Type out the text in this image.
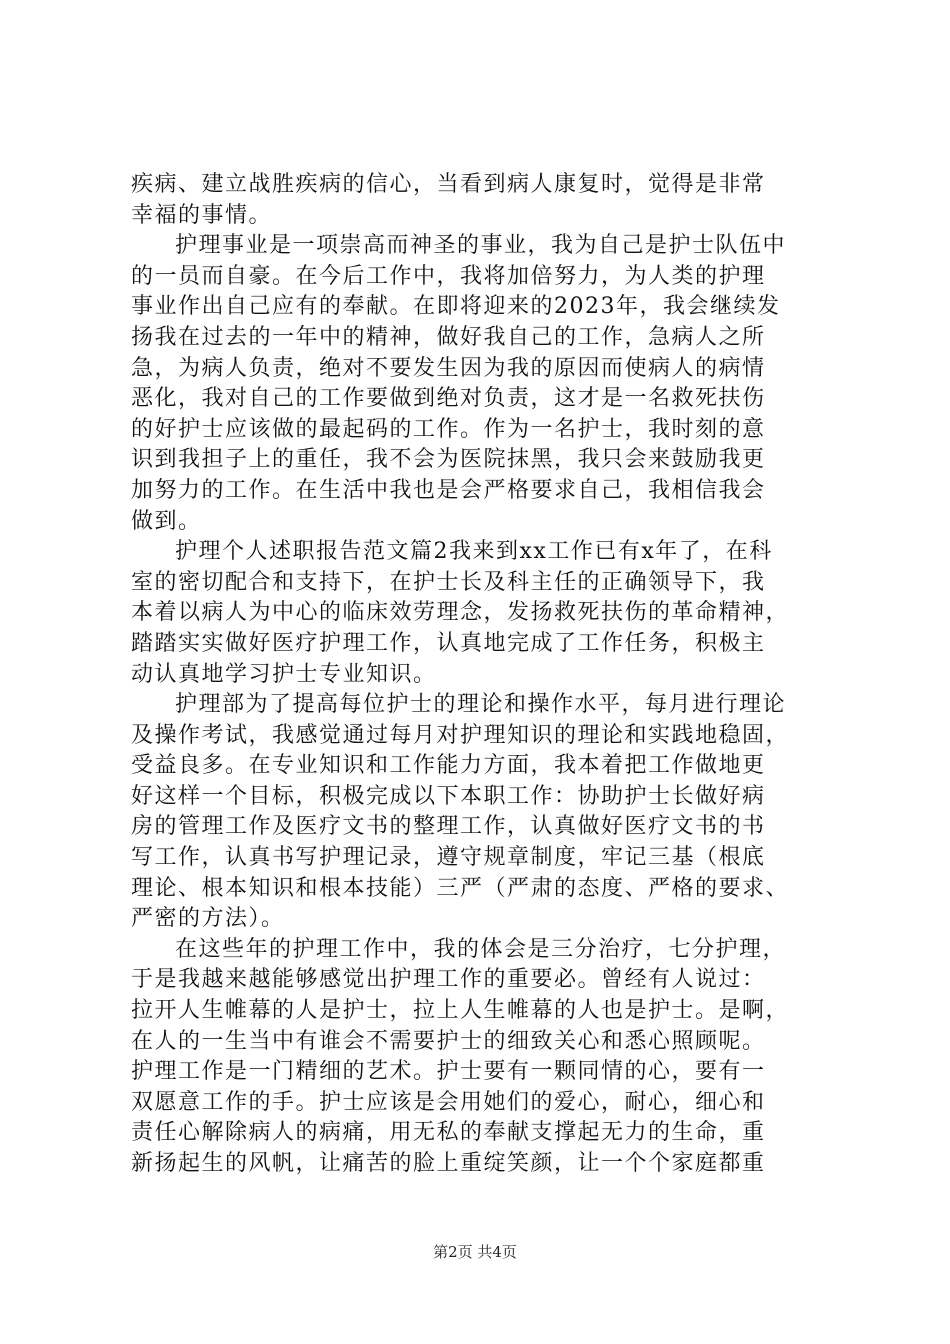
疾病、建立战胜疾病的信心，当看到病人康复时，觉得是非常
幸福的事情。
护理事业是一项崇高而神圣的事业，我为自己是护士队伍中
的一员而自豪。在今后工作中，我将加倍努力，为人类的护理
事业作出自己应有的奉献。在即将迎来的2023年，我会继续发
扬我在过去的一年中的精神，做好我自己的工作，急病人之所
急，为病人负责，绝对不要发生因为我的原因而使病人的病情
恶化，我对自己的工作要做到绝对负责，这才是一名救死扶伤
的好护士应该做的最起码的工作。作为一名护士，我时刻的意
识到我担子上的重任，我不会为医院抹黑，我只会来鼓励我更
加努力的工作。在生活中我也是会严格要求自己，我相信我会
做到。
护理个人述职报告范文篇2我来到xx工作已有x年了，在科
室的密切配合和支持下，在护士长及科主任的正确领导下，我
本着以病人为中心的临床效劳理念，发扬救死扶伤的革命精神，
踏踏实实做好医疗护理工作，认真地完成了工作任务，积极主
动认真地学习护士专业知识。
护理部为了提高每位护士的理论和操作水平，每月进行理论
及操作考试，我感觉通过每月对护理知识的理论和实践地稳固，
受益良多。在专业知识和工作能力方面，我本着把工作做地更
好这样一个目标，积极完成以下本职工作：协助护士长做好病
房的管理工作及医疗文书的整理工作，认真做好医疗文书的书
写工作，认真书写护理记录，遵守规章制度，牢记三基（根底
理论、根本知识和根本技能）三严（严肃的态度、严格的要求、
严密的方法）。
在这些年的护理工作中，我的体会是三分治疗，七分护理，
于是我越来越能够感觉出护理工作的重要必。曾经有人说过：
拉开人生帷幕的人是护士，拉上人生帷幕的人也是护士。是啊，
在人的一生当中有谁会不需要护士的细致关心和悉心照顾呢。
护理工作是一门精细的艺术。护士要有一颗同情的心，要有一
双愿意工作的手。护士应该是会用她们的爱心，耐心，细心和
责任心解除病人的病痛，用无私的奉献支撑起无力的生命，重
新扬起生的风帆，让痛苦的脸上重绽笑颜，让一个个家庭都重
第2页 共4页
